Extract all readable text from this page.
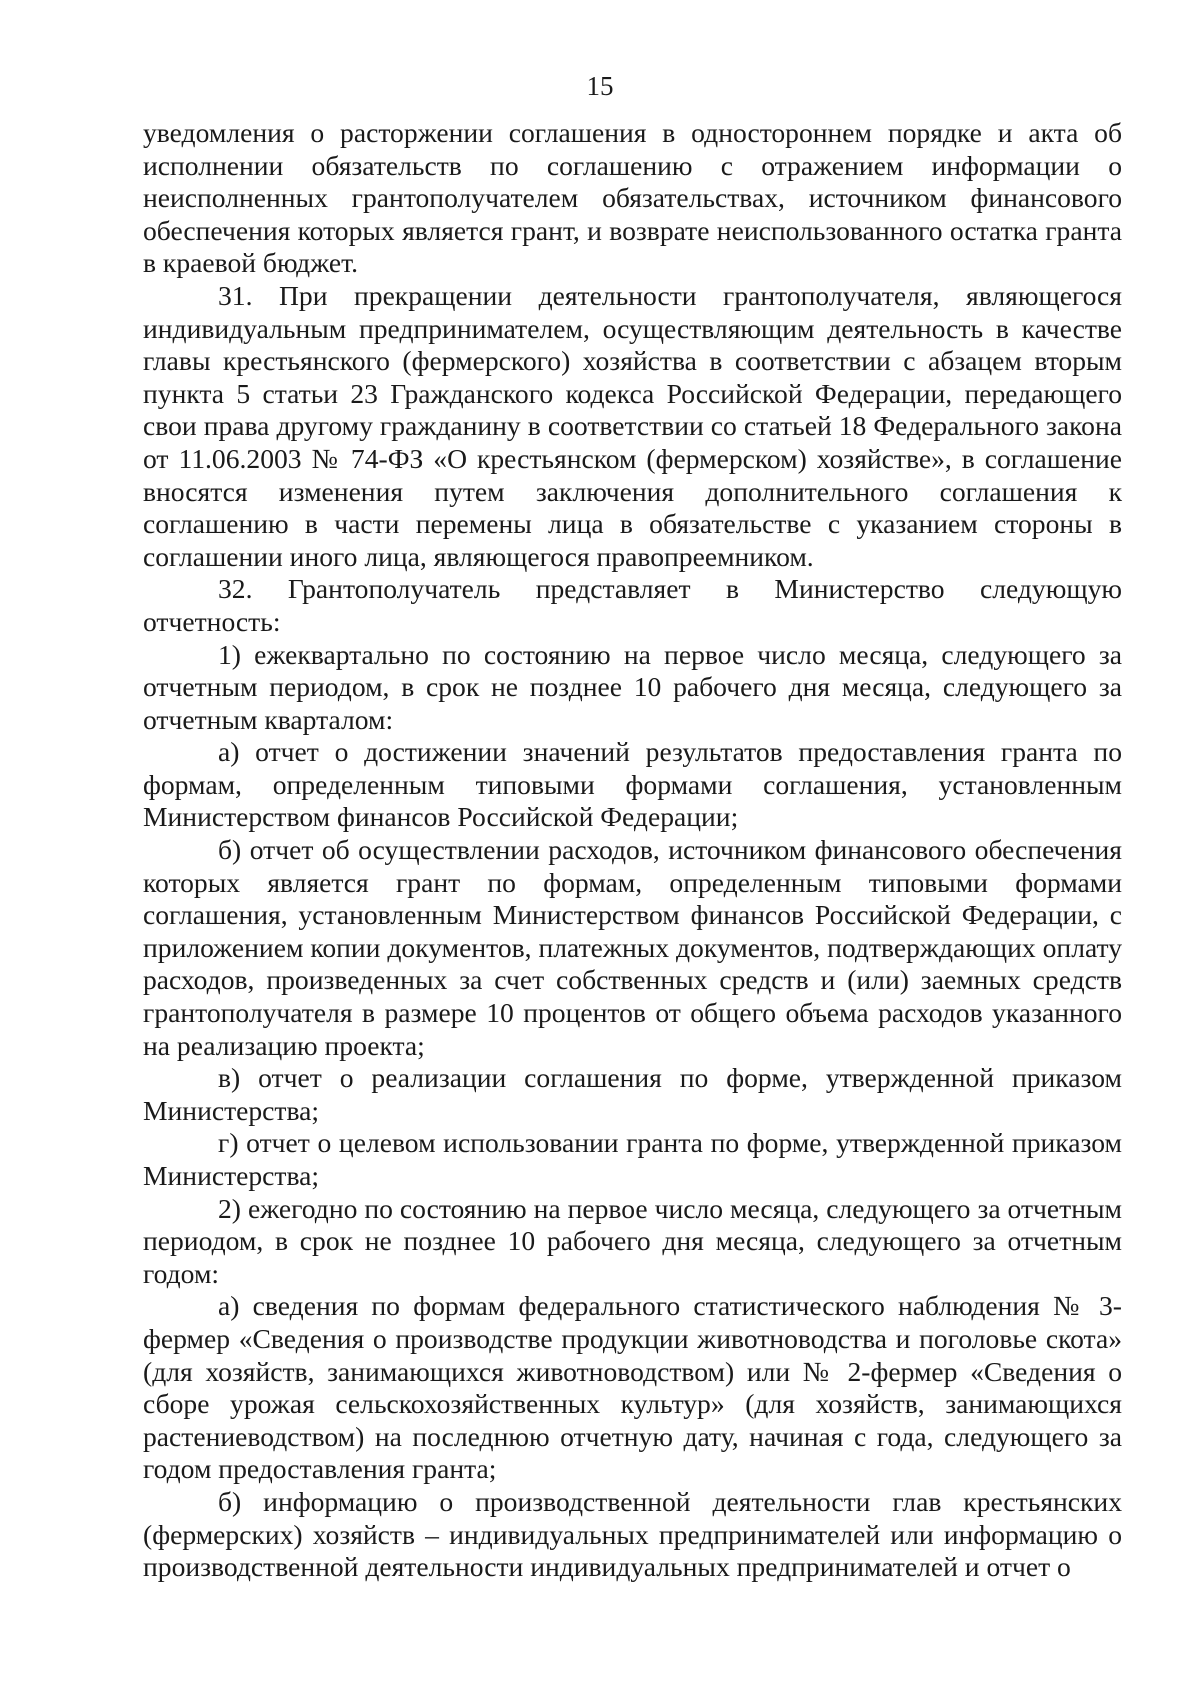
15

уведомления о расторжении соглашения в одностороннем порядке и акта об исполнении обязательств по соглашению с отражением информации о неисполненных грантополучателем обязательствах, источником финансового обеспечения которых является грант, и возврате неиспользованного остатка гранта в краевой бюджет.

31. При прекращении деятельности грантополучателя, являющегося индивидуальным предпринимателем, осуществляющим деятельность в качестве главы крестьянского (фермерского) хозяйства в соответствии с абзацем вторым пункта 5 статьи 23 Гражданского кодекса Российской Федерации, передающего свои права другому гражданину в соответствии со статьей 18 Федерального закона от 11.06.2003 № 74-ФЗ «О крестьянском (фермерском) хозяйстве», в соглашение вносятся изменения путем заключения дополнительного соглашения к соглашению в части перемены лица в обязательстве с указанием стороны в соглашении иного лица, являющегося правопреемником.

32. Грантополучатель представляет в Министерство следующую отчетность:

1) ежеквартально по состоянию на первое число месяца, следующего за отчетным периодом, в срок не позднее 10 рабочего дня месяца, следующего за отчетным кварталом:

а) отчет о достижении значений результатов предоставления гранта по формам, определенным типовыми формами соглашения, установленным Министерством финансов Российской Федерации;

б) отчет об осуществлении расходов, источником финансового обеспечения которых является грант по формам, определенным типовыми формами соглашения, установленным Министерством финансов Российской Федерации, с приложением копии документов, платежных документов, подтверждающих оплату расходов, произведенных за счет собственных средств и (или) заемных средств грантополучателя в размере 10 процентов от общего объема расходов указанного на реализацию проекта;

в) отчет о реализации соглашения по форме, утвержденной приказом Министерства;

г) отчет о целевом использовании гранта по форме, утвержденной приказом Министерства;

2) ежегодно по состоянию на первое число месяца, следующего за отчетным периодом, в срок не позднее 10 рабочего дня месяца, следующего за отчетным годом:

а) сведения по формам федерального статистического наблюдения № 3-фермер «Сведения о производстве продукции животноводства и поголовье скота» (для хозяйств, занимающихся животноводством) или № 2-фермер «Сведения о сборе урожая сельскохозяйственных культур» (для хозяйств, занимающихся растениеводством) на последнюю отчетную дату, начиная с года, следующего за годом предоставления гранта;

б) информацию о производственной деятельности глав крестьянских (фермерских) хозяйств – индивидуальных предпринимателей или информацию о производственной деятельности индивидуальных предпринимателей и отчет о
